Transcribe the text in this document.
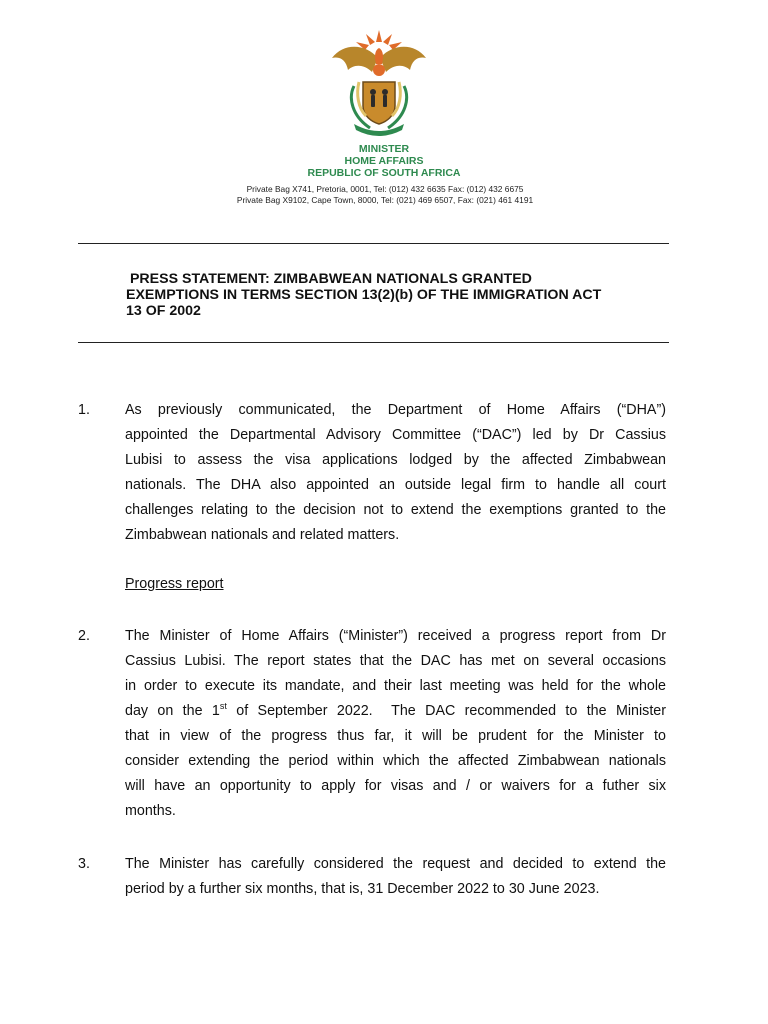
MINISTER
HOME AFFAIRS
REPUBLIC OF SOUTH AFRICA
Private Bag X741, Pretoria, 0001, Tel: (012) 432 6635 Fax: (012) 432 6675
Private Bag X9102, Cape Town, 8000, Tel: (021) 469 6507, Fax: (021) 461 4191
PRESS STATEMENT: ZIMBABWEAN NATIONALS GRANTED
EXEMPTIONS IN TERMS SECTION 13(2)(b) OF THE IMMIGRATION ACT
13 OF 2002
1. As previously communicated, the Department of Home Affairs (“DHA”)
appointed the Departmental Advisory Committee (“DAC”) led by Dr Cassius
Lubisi to assess the visa applications lodged by the affected Zimbabwean
nationals. The DHA also appointed an outside legal firm to handle all court
challenges relating to the decision not to extend the exemptions granted to the
Zimbabwean nationals and related matters.
Progress report
2. The Minister of Home Affairs (“Minister”) received a progress report from Dr
Cassius Lubisi. The report states that the DAC has met on several occasions
in order to execute its mandate, and their last meeting was held for the whole
day on the 1st of September 2022.  The DAC recommended to the Minister
that in view of the progress thus far, it will be prudent for the Minister to
consider extending the period within which the affected Zimbabwean nationals
will have an opportunity to apply for visas and / or waivers for a futher six
months.
3. The Minister has carefully considered the request and decided to extend the
period by a further six months, that is, 31 December 2022 to 30 June 2023.
